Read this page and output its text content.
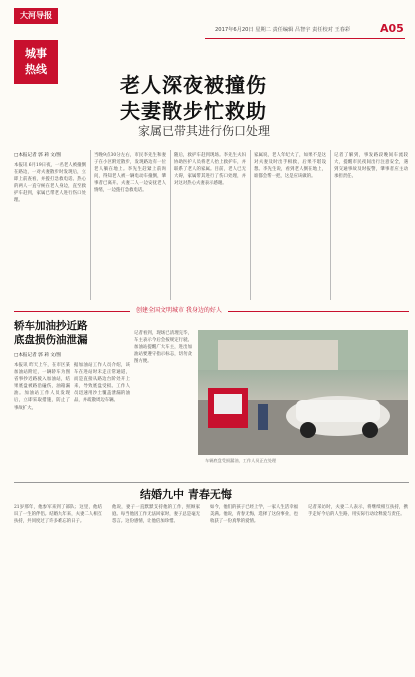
大河导报
城事
热线
2017年6月20日 星期二 责任编辑 吕智宇 责任校对 王春彩	A05
老人深夜被撞伤
夫妻散步忙救助
家属已带其进行伤口处理
□本报记者 郭 莉 文/图
本报讯 6月19日夜，一名老人被撞倒在路边，一对夫妻散步时发现后，立即上前查看，并拨打急救电话。热心的两人一直守候在老人身边，直至救护车赶到，家属已带老人进行伤口处理。
当晚9点30分左右，市民李先生和妻子在小区附近散步，发现路边有一位老人躺在地上。李先生赶紧上前询问，得知老人被一辆电动车撞倒，肇事者已离开。夫妻二人一边安抚老人情绪，一边拨打急救电话。
随后，救护车赶到现场。李先生夫妇协助医护人员将老人抬上救护车，并联系了老人的家属。目前，老人已无大碍，家属带其进行了伤口处理，并对这对热心夫妻表示感谢。
家属说，老人年纪大了，如果不是这对夫妻及时出手相救，后果不堪设想。李先生说，看到老人倒在地上，谁都会帮一把，这是应该做的。
记者了解到，事发路段晚间车流较大，提醒市民夜间出行注意安全，遇到交通事故及时报警，肇事者应主动承担责任。
创建全国文明城市 我身边的好人
轿车加油抄近路
底盘损伤油泄漏
□本报记者 郭 莉 文/图
本报讯 昨天上午，在市区某加油站附近，一辆轿车为图省事抄近路驶入加油站，结果底盘被路沿磕伤，油箱漏油。加油站工作人员发现后，立即采取措施，防止了事故扩大。
据加油站工作人员介绍，该车在进站时未走正常通道，而是直接从路边台阶处开上来，导致底盘受损。工作人员迅速用沙土覆盖泄漏的油品，并疏散周边车辆。
记者看到，现场已清理完毕，车主表示今后会按规定行驶。加油站提醒广大车主，进出加油站要遵守指示标志，切勿贪图方便。
车辆底盘受损漏油，工作人员正在处理
结婚九中 青春无悔
21岁那年，他参军来到了部队；这里，他结识了一生的伴侣。结婚九年来，夫妻二人相互扶持，共同度过了许多难忘的日子。
他说，妻子一直默默支持他的工作，照顾家庭。每当他因工作无法回家时，妻子总是毫无怨言。这份感情，让他倍加珍惜。
如今，他们的孩子已经上学，一家人生活幸福美满。他说，青春无悔，选择了这份事业，也收获了一份真挚的爱情。
记者采访时，夫妻二人表示，将继续相互扶持，携手走好今后的人生路，用实际行动诠释爱与责任。
